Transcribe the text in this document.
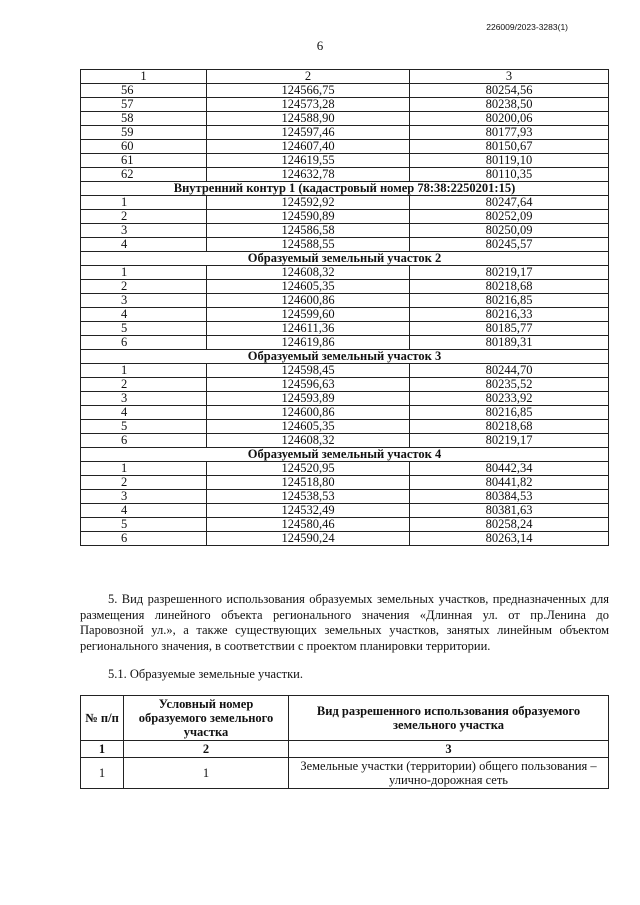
226009/2023-3283(1)
6
1	2	3
56	124566,75	80254,56
57	124573,28	80238,50
58	124588,90	80200,06
59	124597,46	80177,93
60	124607,40	80150,67
61	124619,55	80119,10
62	124632,78	80110,35
Внутренний контур 1 (кадастровый номер 78:38:2250201:15)		
1	124592,92	80247,64
2	124590,89	80252,09
3	124586,58	80250,09
4	124588,55	80245,57
Образуемый земельный участок 2		
1	124608,32	80219,17
2	124605,35	80218,68
3	124600,86	80216,85
4	124599,60	80216,33
5	124611,36	80185,77
6	124619,86	80189,31
Образуемый земельный участок 3		
1	124598,45	80244,70
2	124596,63	80235,52
3	124593,89	80233,92
4	124600,86	80216,85
5	124605,35	80218,68
6	124608,32	80219,17
Образуемый земельный участок 4		
1	124520,95	80442,34
2	124518,80	80441,82
3	124538,53	80384,53
4	124532,49	80381,63
5	124580,46	80258,24
6	124590,24	80263,14
5. Вид разрешенного использования образуемых земельных участков, предназначенных для размещения линейного объекта регионального значения «Длинная ул. от пр.Ленина до Паровозной ул.», а также существующих земельных участков, занятых линейным объектом регионального значения, в соответствии с проектом планировки территории.
5.1. Образуемые земельные участки.
№ п/п	Условный номер образуемого земельного участка	Вид разрешенного использования образуемого земельного участка
1	2	3
1	1	Земельные участки (территории) общего пользования – улично-дорожная сеть
